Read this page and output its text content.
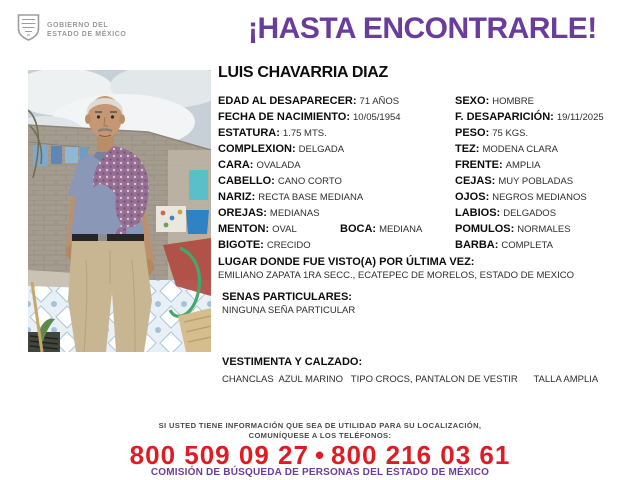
GOBIERNO DEL
ESTADO DE MÉXICO	¡HASTA ENCONTRARLE!
LUIS CHAVARRIA DIAZ
EDAD AL DESAPARECER: 71 AÑOS
FECHA DE NACIMIENTO: 10/05/1954
ESTATURA: 1.75 MTS.
COMPLEXION: DELGADA
CARA: OVALADA
CABELLO: CANO CORTO
NARIZ: RECTA BASE MEDIANA
OREJAS: MEDIANAS
MENTON: OVAL
BIGOTE: CRECIDO
BOCA: MEDIANA
SEXO: HOMBRE
F. DESAPARICIÓN: 19/11/2025
PESO: 75 KGS.
TEZ: MODENA CLARA
FRENTE: AMPLIA
CEJAS: MUY POBLADAS
OJOS: NEGROS MEDIANOS
LABIOS: DELGADOS
POMULOS: NORMALES
BARBA: COMPLETA
LUGAR DONDE FUE VISTO(A) POR ÚLTIMA VEZ:
EMILIANO ZAPATA 1RA SECC., ECATEPEC DE MORELOS, ESTADO DE MEXICO
SENAS PARTICULARES:
NINGUNA SEÑA PARTICULAR
VESTIMENTA Y CALZADO:
CHANCLAS  AZUL MARINO   TIPO CROCS, PANTALON DE VESTIR      TALLA AMPLIA
SI USTED TIENE INFORMACIÓN QUE SEA DE UTILIDAD PARA SU LOCALIZACIÓN,
COMUNÍQUESE A LOS TELÉFONOS:
800 509 09 27 • 800 216 03 61
COMISIÓN DE BÚSQUEDA DE PERSONAS DEL ESTADO DE MÉXICO
